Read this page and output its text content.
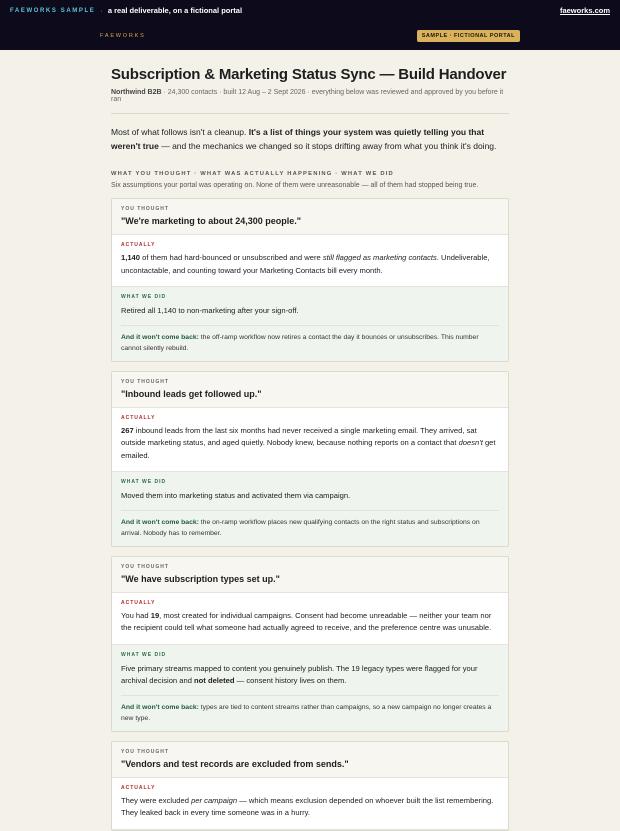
FAEWORKS SAMPLE · a real deliverable, on a fictional portal	faeworks.com
FAEWORKS	SAMPLE · FICTIONAL PORTAL
Subscription & Marketing Status Sync — Build Handover
Northwind B2B · 24,300 contacts · built 12 Aug – 2 Sept 2026 · everything below was reviewed and approved by you before it ran

Most of what follows isn't a cleanup. It's a list of things your system was quietly telling you that weren't true — and the mechanics we changed so it stops drifting away from what you think it's doing.

WHAT YOU THOUGHT · WHAT WAS ACTUALLY HAPPENING · WHAT WE DID
Six assumptions your portal was operating on. None of them were unreasonable — all of them had stopped being true.
YOU THOUGHT
"We're marketing to about 24,300 people."
ACTUALLY
1,140 of them had hard-bounced or unsubscribed and were still flagged as marketing contacts. Undeliverable, uncontactable, and counting toward your Marketing Contacts bill every month.
WHAT WE DID
Retired all 1,140 to non-marketing after your sign-off.
And it won't come back: the off-ramp workflow now retires a contact the day it bounces or unsubscribes. This number cannot silently rebuild.
YOU THOUGHT
"Inbound leads get followed up."
ACTUALLY
267 inbound leads from the last six months had never received a single marketing email. They arrived, sat outside marketing status, and aged quietly. Nobody knew, because nothing reports on a contact that doesn't get emailed.
WHAT WE DID
Moved them into marketing status and activated them via campaign.
And it won't come back: the on-ramp workflow places new qualifying contacts on the right status and subscriptions on arrival. Nobody has to remember.
YOU THOUGHT
"We have subscription types set up."
ACTUALLY
You had 19, most created for individual campaigns. Consent had become unreadable — neither your team nor the recipient could tell what someone had actually agreed to receive, and the preference centre was unusable.
WHAT WE DID
Five primary streams mapped to content you genuinely publish. The 19 legacy types were flagged for your archival decision and not deleted — consent history lives on them.
And it won't come back: types are tied to content streams rather than campaigns, so a new campaign no longer creates a new type.
YOU THOUGHT
"Vendors and test records are excluded from sends."
ACTUALLY
They were excluded per campaign — which means exclusion depended on whoever built the list remembering. They leaked back in every time someone was in a hurry.
